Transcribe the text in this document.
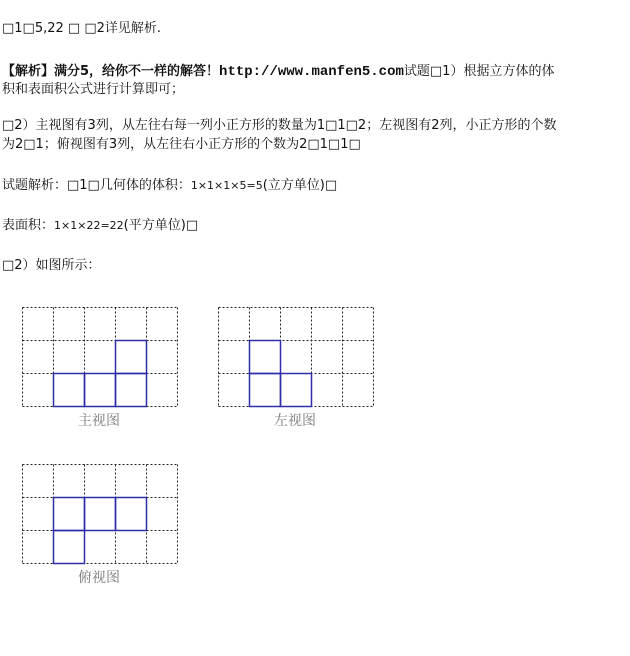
□1□5,22 □ □2详见解析.
【解析】满分5，给你不一样的解答！http://www.manfen5.com试题□1）根据立方体的体
积和表面积公式进行计算即可；
□2）主视图有3列，从左往右每一列小正方形的数量为1□1□2；左视图有2列，小正方形的个数
为2□1；俯视图有3列，从左往右小正方形的个数为2□1□1□
试题解析：□1□几何体的体积：1×1×1×5=5(立方单位)□
表面积：1×1×22=22(平方单位)□
□2）如图所示：
主视图	左视图
俯视图
